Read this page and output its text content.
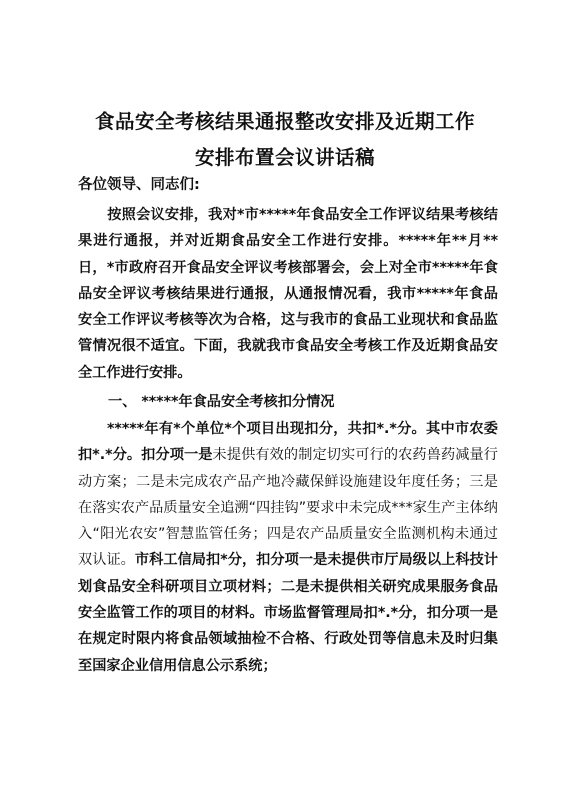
食品安全考核结果通报整改安排及近期工作
安排布置会议讲话稿

各位领导、同志们:

按照会议安排，我对*市*****年食品安全工作评议结果考核结果进行通报，并对近期食品安全工作进行安排。*****年**月**日，*市政府召开食品安全评议考核部署会，会上对全市*****年食品安全评议考核结果进行通报，从通报情况看，我市*****年食品安全工作评议考核等次为合格，这与我市的食品工业现状和食品监管情况很不适宜。下面，我就我市食品安全考核工作及近期食品安全工作进行安排。

一、 *****年食品安全考核扣分情况

*****年有*个单位*个项目出现扣分，共扣*.*分。其中市农委扣*.*分。扣分项一是未提供有效的制定切实可行的农药兽药减量行动方案；二是未完成农产品产地冷藏保鲜设施建设年度任务；三是在落实农产品质量安全追溯“四挂钩”要求中未完成***家生产主体纳入“阳光农安”智慧监管任务；四是农产品质量安全监测机构未通过双认证。市科工信局扣*分，扣分项一是未提供市厅局级以上科技计划食品安全科研项目立项材料；二是未提供相关研究成果服务食品安全监管工作的项目的材料。市场监督管理局扣*.*分，扣分项一是在规定时限内将食品领域抽检不合格、行政处罚等信息未及时归集至国家企业信用信息公示系统；
